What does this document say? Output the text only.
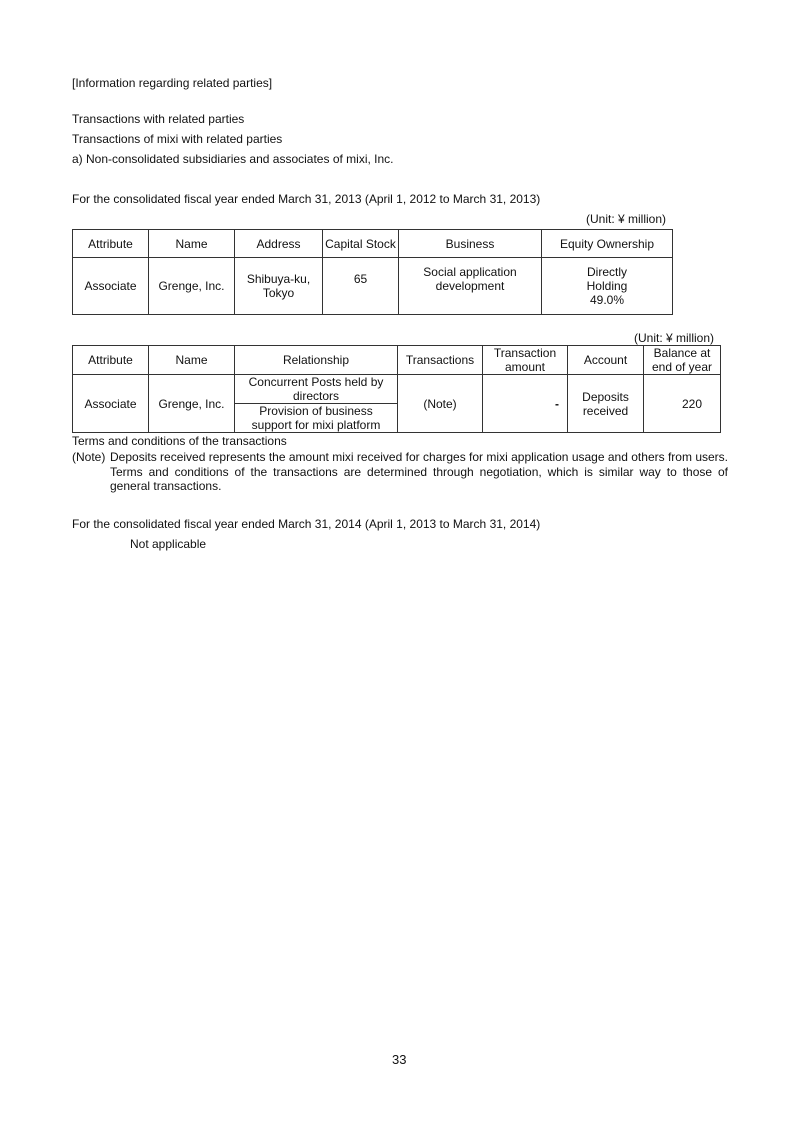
[Information regarding related parties]
Transactions with related parties
Transactions of mixi with related parties
a) Non-consolidated subsidiaries and associates of mixi, Inc.
For the consolidated fiscal year ended March 31, 2013 (April 1, 2012 to March 31, 2013)
(Unit: ¥ million)
Attribute	Name	Address	Capital Stock	Business	Equity Ownership
Associate	Grenge, Inc.	Shibuya-ku, Tokyo	65	Social application development	Directly Holding 49.0%
(Unit: ¥ million)
Attribute	Name	Relationship	Transactions	Transaction amount	Account	Balance at end of year
Associate	Grenge, Inc.	Concurrent Posts held by directors	(Note)	-	Deposits received	220
		Provision of business support for mixi platform				
Terms and conditions of the transactions
(Note) Deposits received represents the amount mixi received for charges for mixi application usage and others from users. Terms and conditions of the transactions are determined through negotiation, which is similar way to those of general transactions.
For the consolidated fiscal year ended March 31, 2014 (April 1, 2013 to March 31, 2014)
Not applicable
33
